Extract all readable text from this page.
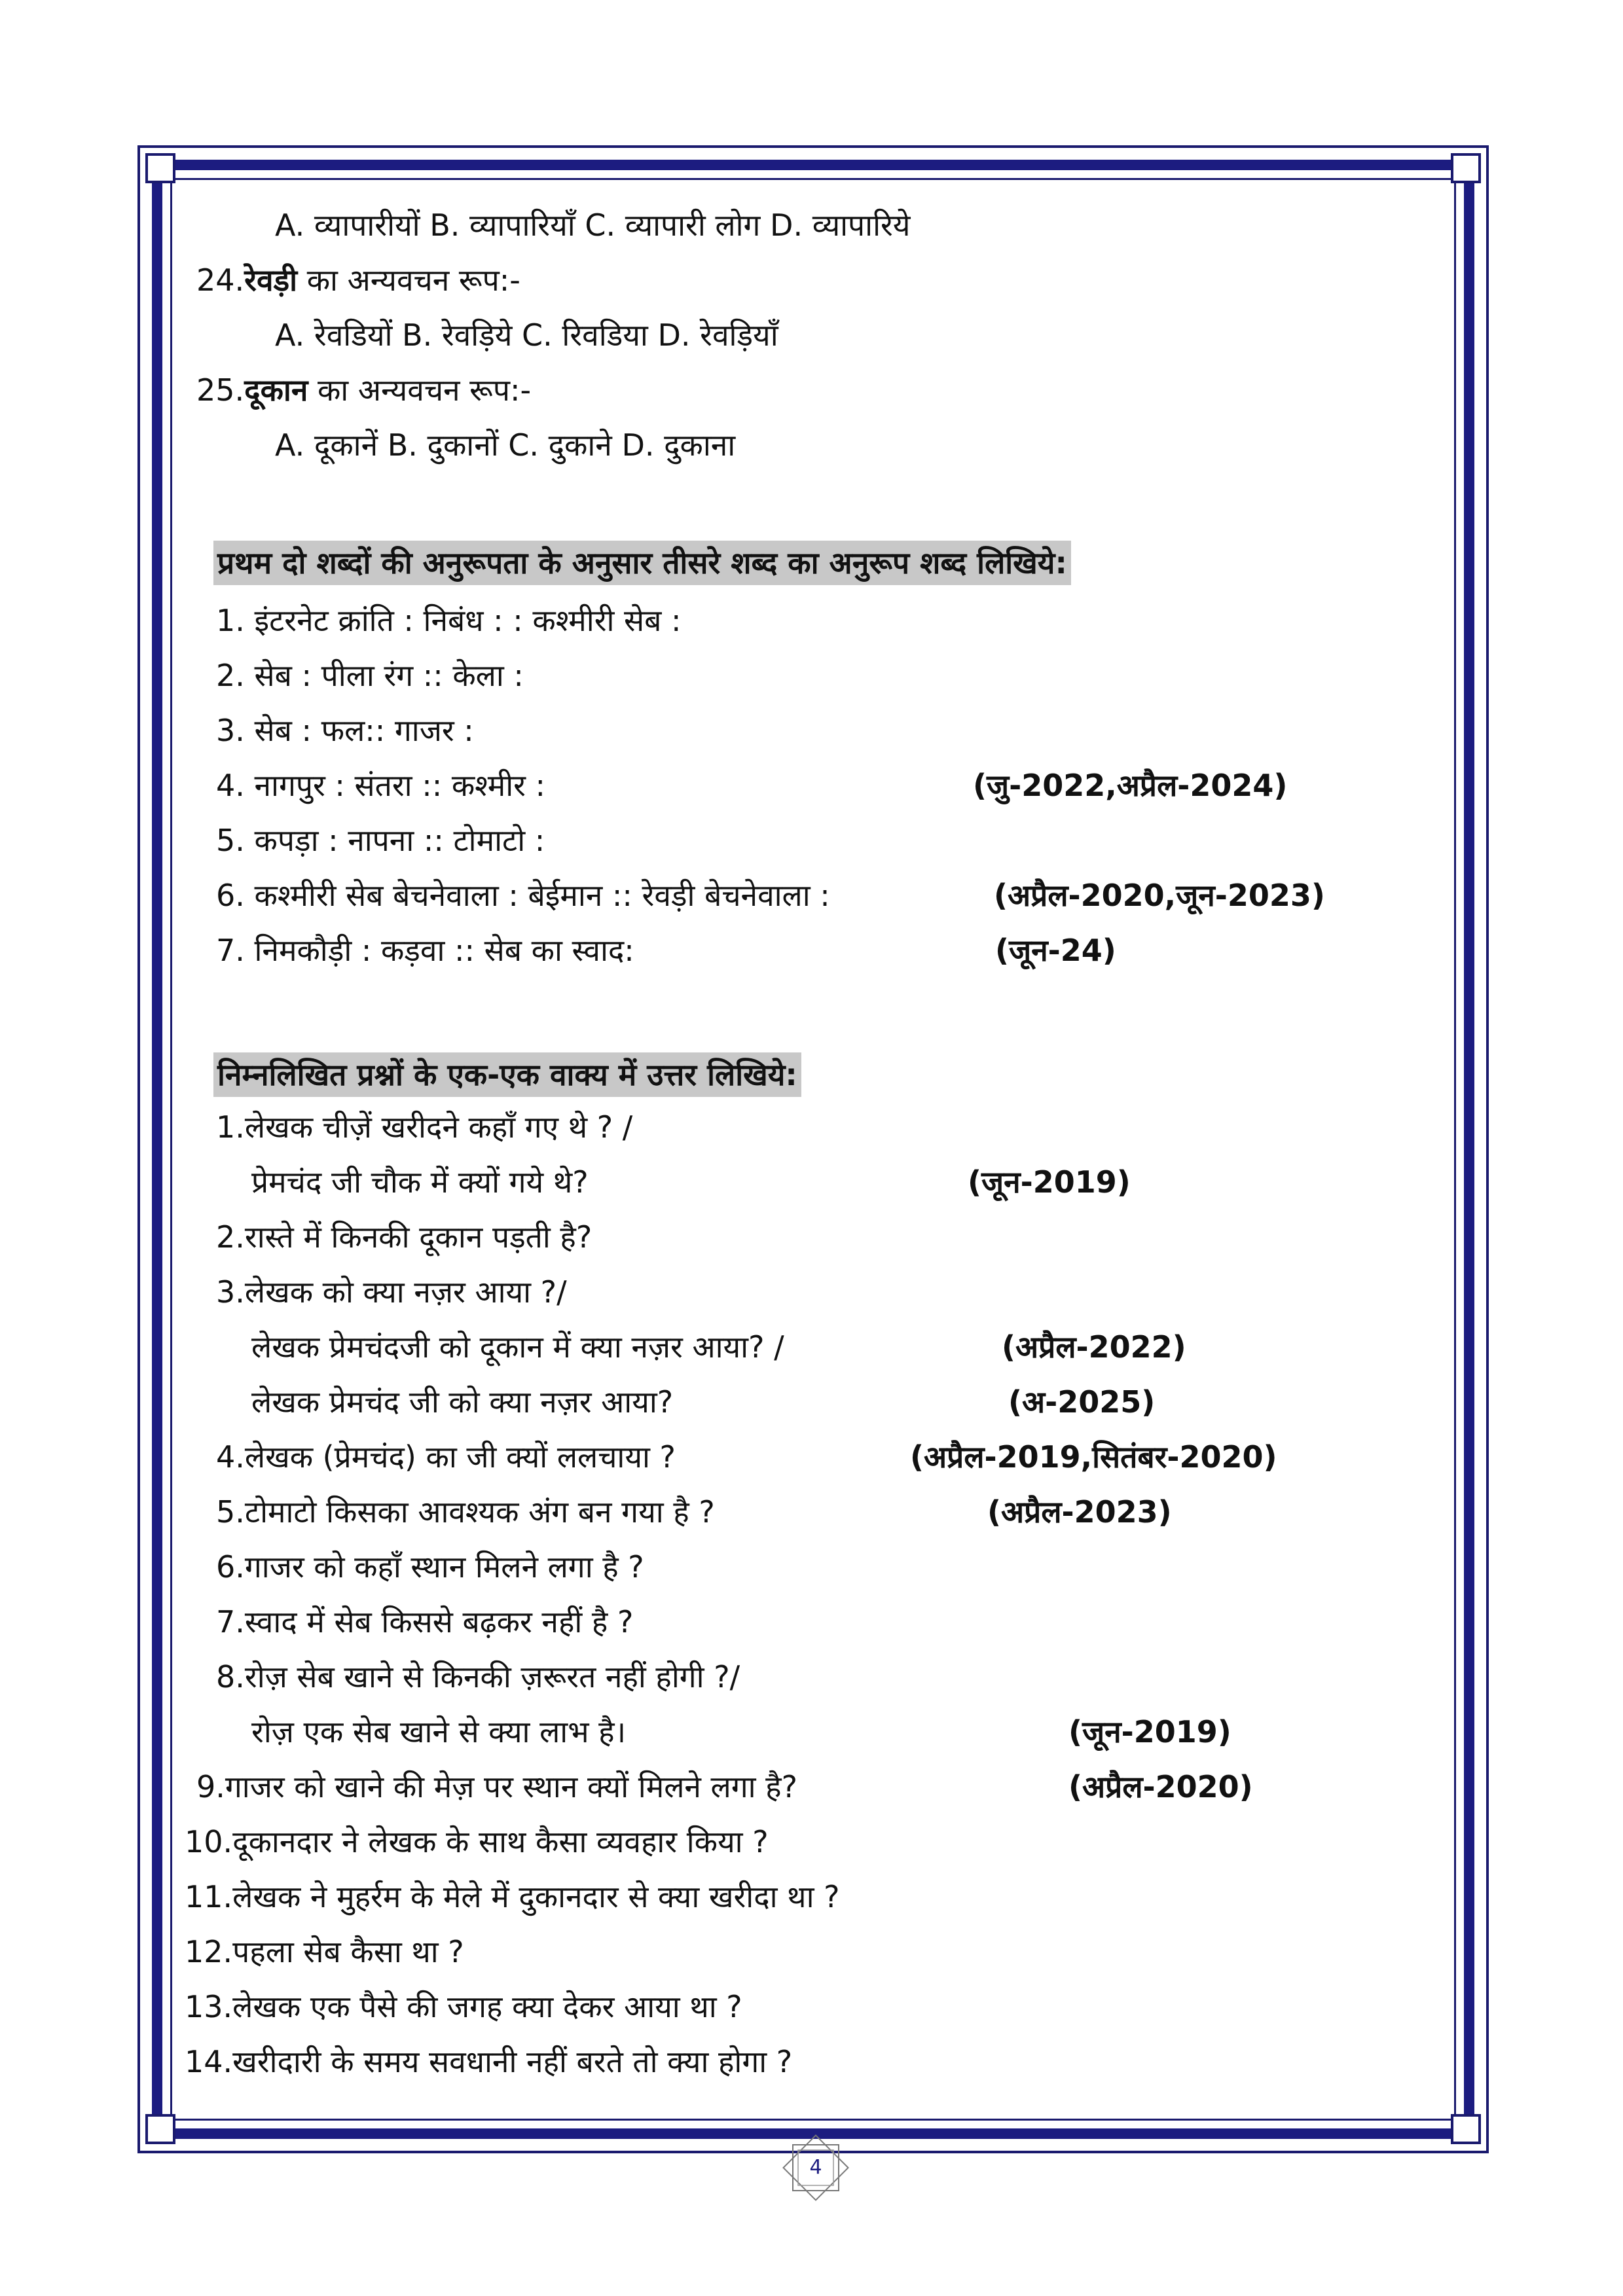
A. व्यापारीयों B. व्यापारियाँ C. व्यापारी लोग D. व्यापारिये
24.रेवड़ी का अन्यवचन रूप:-
A. रेवडियों B. रेवड़िये C. रिवडिया D. रेवड़ियाँ
25.दूकान का अन्यवचन रूप:-
A. दूकानें B. दुकानों C. दुकाने D. दुकाना
प्रथम दो शब्दों की अनुरूपता के अनुसार तीसरे शब्द का अनुरूप शब्द लिखिये:
1. इंटरनेट क्रांति : निबंध : : कश्मीरी सेब :
2. सेब : पीला रंग :: केला :
3. सेब : फल:: गाजर :
4. नागपुर : संतरा :: कश्मीर :	(जु-2022,अप्रैल-2024)
5. कपड़ा : नापना :: टोमाटो :
6. कश्मीरी सेब बेचनेवाला : बेईमान :: रेवड़ी बेचनेवाला :	(अप्रैल-2020,जून-2023)
7. निमकौड़ी : कड़वा :: सेब का स्वाद:	(जून-24)
निम्नलिखित प्रश्नों के एक-एक वाक्य में उत्तर लिखिये:
1.लेखक चीज़ें खरीदने कहाँ गए थे ? /
प्रेमचंद जी चौक में क्यों गये थे?	(जून-2019)
2.रास्ते में किनकी दूकान पड़ती है?
3.लेखक को क्या नज़र आया ?/
लेखक प्रेमचंदजी को दूकान में क्या नज़र आया? /	(अप्रैल-2022)
लेखक प्रेमचंद जी को क्या नज़र आया?	(अ-2025)
4.लेखक (प्रेमचंद) का जी क्यों ललचाया ?	(अप्रैल-2019,सितंबर-2020)
5.टोमाटो किसका आवश्यक अंग बन गया है ?	(अप्रैल-2023)
6.गाजर को कहाँ स्थान मिलने लगा है ?
7.स्वाद में सेब किससे बढ़कर नहीं है ?
8.रोज़ सेब खाने से किनकी ज़रूरत नहीं होगी ?/
रोज़ एक सेब खाने से क्या लाभ है।	(जून-2019)
9.गाजर को खाने की मेज़ पर स्थान क्यों मिलने लगा है?	(अप्रैल-2020)
10.दूकानदार ने लेखक के साथ कैसा व्यवहार किया ?
11.लेखक ने मुहर्रम के मेले में दुकानदार से क्या खरीदा था ?
12.पहला सेब कैसा था ?
13.लेखक एक पैसे की जगह क्या देकर आया था ?
14.खरीदारी के समय सवधानी नहीं बरते तो क्या होगा ?
4
